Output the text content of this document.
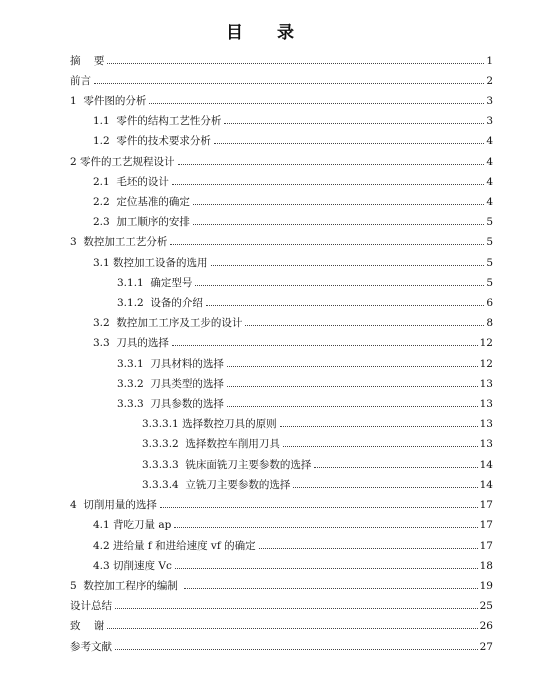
目 录
摘    要	1
前言	2
1  零件图的分析	3
1.1  零件的结构工艺性分析	3
1.2  零件的技术要求分析	4
2 零件的工艺规程设计	4
2.1  毛坯的设计	4
2.2  定位基准的确定	4
2.3  加工顺序的安排	5
3  数控加工工艺分析	5
3.1 数控加工设备的选用	5
3.1.1  确定型号	5
3.1.2  设备的介绍	6
3.2  数控加工工序及工步的设计	8
3.3  刀具的选择	12
3.3.1  刀具材料的选择	12
3.3.2  刀具类型的选择	13
3.3.3  刀具参数的选择	13
3.3.3.1 选择数控刀具的原则	13
3.3.3.2  选择数控车削用刀具	13
3.3.3.3  铣床面铣刀主要参数的选择	14
3.3.3.4  立铣刀主要参数的选择	14
4  切削用量的选择	17
4.1 背吃刀量 ap	17
4.2 进给量 f 和进给速度 vf 的确定	17
4.3 切削速度 Vc	18
5  数控加工程序的编制	19
设计总结	25
致    谢	26
参考文献	27
